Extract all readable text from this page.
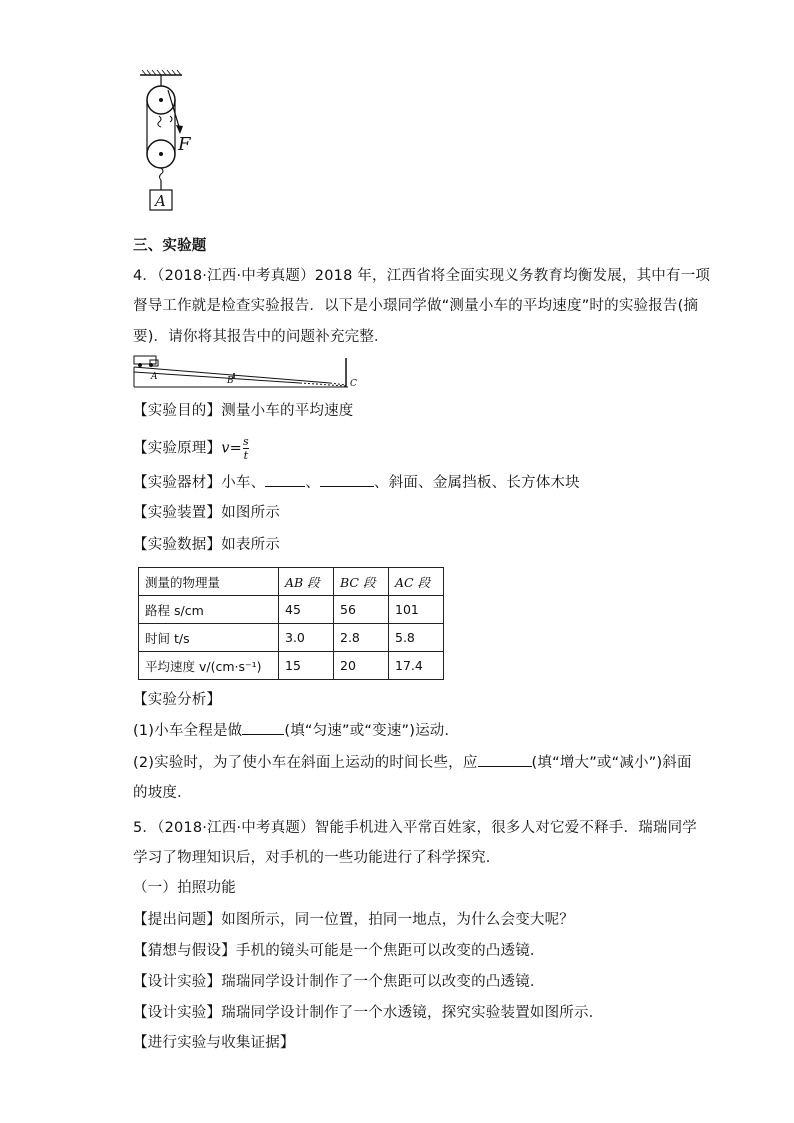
F
A
三、实验题
4．（2018·江西·中考真题）2018 年，江西省将全面实现义务教育均衡发展，其中有一项
督导工作就是检查实验报告．以下是小璟同学做“测量小车的平均速度”时的实验报告(摘
要)．请你将其报告中的问题补充完整．
A	B	C
【实验目的】测量小车的平均速度
【实验原理】$v= \frac{s}{t}$
【实验器材】小车、	、	、斜面、金属挡板、长方体木块
【实验装置】如图所示
【实验数据】如表所示
测量的物理量	AB 段	BC 段	AC 段
路程 s/cm	45	56	101
时间 t/s	3.0	2.8	5.8
平均速度 v/(cm·s⁻¹)	15	20	17.4
【实验分析】
(1)小车全程是做	(填“匀速”或“变速”)运动．
(2)实验时，为了使小车在斜面上运动的时间长些，应	(填“增大”或“减小”)斜面
的坡度．
5．（2018·江西·中考真题）智能手机进入平常百姓家，很多人对它爱不释手．瑞瑞同学
学习了物理知识后，对手机的一些功能进行了科学探究．
（一）拍照功能
【提出问题】如图所示，同一位置，拍同一地点，为什么会变大呢？
【猜想与假设】手机的镜头可能是一个焦距可以改变的凸透镜．
【设计实验】瑞瑞同学设计制作了一个焦距可以改变的凸透镜．
【设计实验】瑞瑞同学设计制作了一个水透镜，探究实验装置如图所示．
【进行实验与收集证据】
